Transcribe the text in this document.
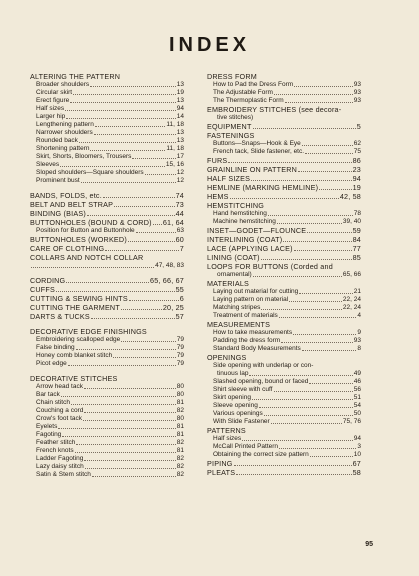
INDEX
ALTERING THE PATTERN
Broader shoulders	13
Circular skirt	19
Erect figure	13
Half sizes	94
Larger hip	14
Lengthening pattern	11, 18
Narrower shoulders	13
Rounded back	13
Shortening pattern	11, 18
Skirt, Shorts, Bloomers, Trousers	17
Sleeves	15, 16
Sloped shoulders—Square shoulders	12
Prominent bust	12
BANDS, FOLDS, etc.	74
BELT AND BELT STRAP	73
BINDING (BIAS)	44
BUTTONHOLES (BOUND & CORD) 61, 64
Position for Button and Buttonhole	63
BUTTONHOLES (WORKED)	60
CARE OF CLOTHING	7
COLLARS AND NOTCH COLLAR
47, 48, 83
CORDING	65, 66, 67
CUFFS	55
CUTTING & SEWING HINTS	6
CUTTING THE GARMENT	20, 25
DARTS & TUCKS	57
DECORATIVE EDGE FINISHINGS
Embroidering scalloped edge	79
False binding	79
Honey comb blanket stitch	79
Picot edge	79
DECORATIVE STITCHES
Arrow head tack	80
Bar tack	80
Chain stitch	81
Couching a cord	82
Crow's foot tack	80
Eyelets	81
Fagoting	81
Feather stitch	82
French knots	81
Ladder Fagoting	82
Lazy daisy stitch	82
Satin & Stem stitch	82
DRESS FORM
How to Pad the Dress Form	93
The Adjustable Form	93
The Thermoplastic Form	93
EMBROIDERY STITCHES (see decora-
tive stitches)
EQUIPMENT	5
FASTENINGS
Buttons—Snaps—Hook & Eye	62
French tack, Slide fastener, etc.	75
FURS	86
GRAINLINE ON PATTERN	23
HALF SIZES	94
HEMLINE (MARKING HEMLINE)	19
HEMS	42, 58
HEMSTITCHING
Hand hemstitching	78
Machine hemstitching	39, 40
INSET—GODET—FLOUNCE	59
INTERLINING (COAT)	84
LACE (APPLYING LACE)	77
LINING (COAT)	85
LOOPS FOR BUTTONS (Corded and
ornamental)	65, 66
MATERIALS
Laying out material for cutting	21
Laying pattern on material	22, 24
Matching stripes	22, 24
Treatment of materials	4
MEASUREMENTS
How to take measurements	9
Padding the dress form	93
Standard Body Measurements	8
OPENINGS
Side opening with underlap or con-
tinuous lap	49
Slashed opening, bound or faced	46
Shirt sleeve with cuff	56
Skirt opening	51
Sleeve opening	54
Various openings	50
With Slide Fastener	75, 76
PATTERNS
Half sizes	94
McCall Printed Pattern	3
Obtaining the correct size pattern	10
PIPING	67
PLEATS	58
95
